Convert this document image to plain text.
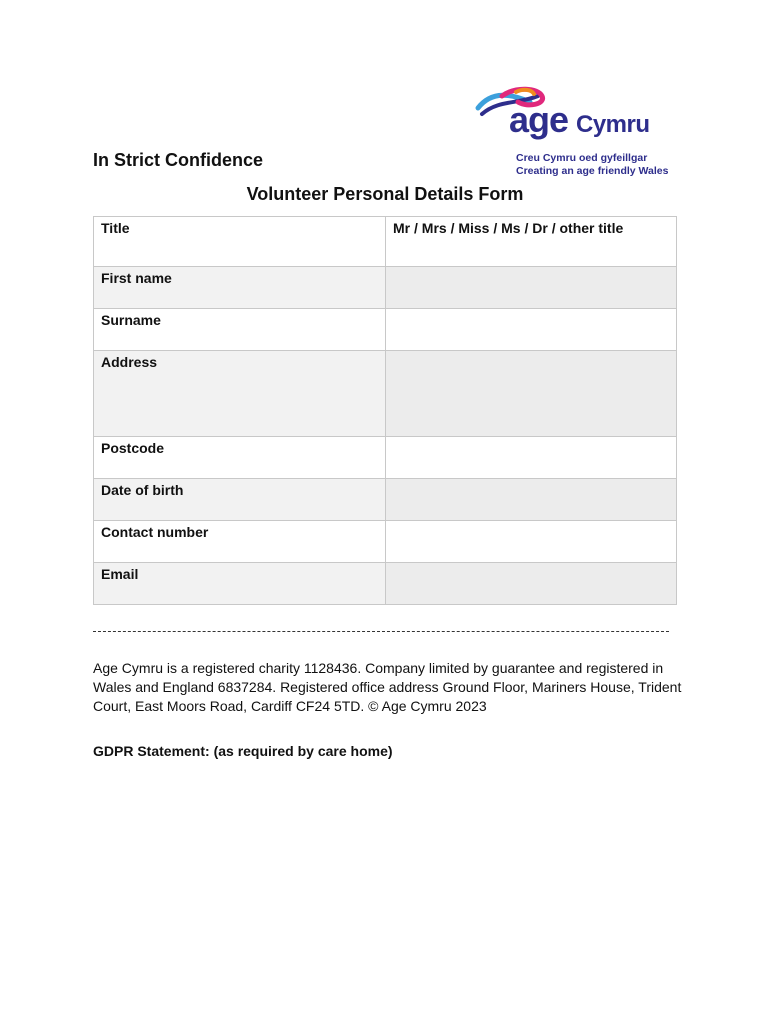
age Cymru
Creu Cymru oed gyfeillgar
Creating an age friendly Wales
In Strict Confidence
Volunteer Personal Details Form
Title	Mr / Mrs / Miss / Ms / Dr / other title
First name	
Surname	
Address	
Postcode	
Date of birth	
Contact number	
Email	

Age Cymru is a registered charity 1128436. Company limited by guarantee and registered in Wales and England 6837284. Registered office address Ground Floor, Mariners House, Trident Court, East Moors Road, Cardiff CF24 5TD. © Age Cymru 2023

GDPR Statement: (as required by care home)
